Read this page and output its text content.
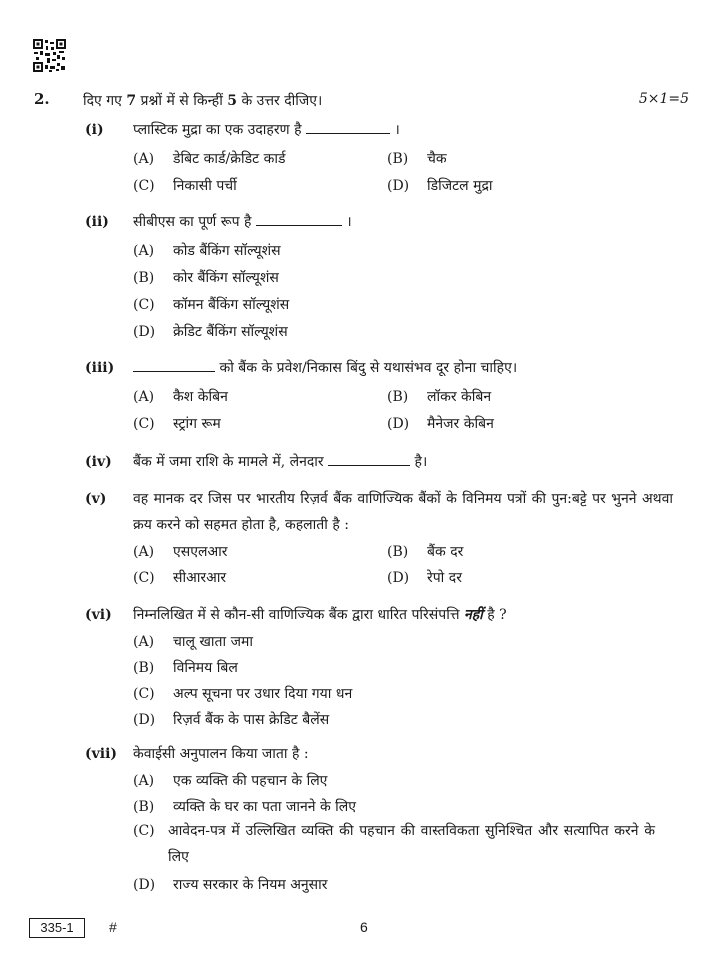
2. दिए गए 7 प्रश्नों में से किन्हीं 5 के उत्तर दीजिए।	5×1=5
(i) प्लास्टिक मुद्रा का एक उदाहरण है	।
(A) डेबिट कार्ड/क्रेडिट कार्ड	(B) चैक
(C) निकासी पर्ची	(D) डिजिटल मुद्रा
(ii) सीबीएस का पूर्ण रूप है	।
(A) कोड बैंकिंग सॉल्यूशंस
(B) कोर बैंकिंग सॉल्यूशंस
(C) कॉमन बैंकिंग सॉल्यूशंस
(D) क्रेडिट बैंकिंग सॉल्यूशंस
(iii)	को बैंक के प्रवेश/निकास बिंदु से यथासंभव दूर होना चाहिए।
(A) कैश केबिन	(B) लॉकर केबिन
(C) स्ट्रांग रूम	(D) मैनेजर केबिन
(iv) बैंक में जमा राशि के मामले में, लेनदार	है।
(v) वह मानक दर जिस पर भारतीय रिज़र्व बैंक वाणिज्यिक बैंकों के विनिमय पत्रों की पुन:बट्टे पर भुनने अथवा क्रय करने को सहमत होता है, कहलाती है :
(A) एसएलआर	(B) बैंक दर
(C) सीआरआर	(D) रेपो दर
(vi) निम्नलिखित में से कौन-सी वाणिज्यिक बैंक द्वारा धारित परिसंपत्ति नहीं है ?
(A) चालू खाता जमा
(B) विनिमय बिल
(C) अल्प सूचना पर उधार दिया गया धन
(D) रिज़र्व बैंक के पास क्रेडिट बैलेंस
(vii) केवाईसी अनुपालन किया जाता है :
(A) एक व्यक्ति की पहचान के लिए
(B) व्यक्ति के घर का पता जानने के लिए
(C) आवेदन-पत्र में उल्लिखित व्यक्ति की पहचान की वास्तविकता सुनिश्चित और सत्यापित करने के लिए
(D) राज्य सरकार के नियम अनुसार
335-1	#	6
